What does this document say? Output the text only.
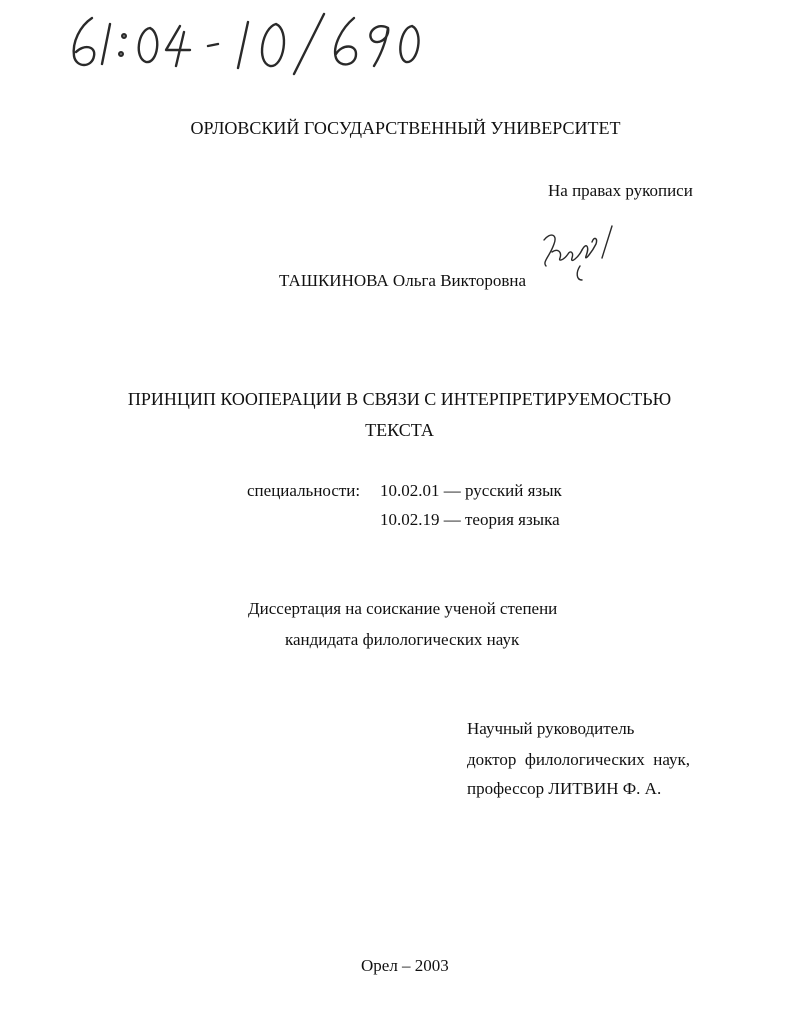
ОРЛОВСКИЙ ГОСУДАРСТВЕННЫЙ УНИВЕРСИТЕТ
На правах рукописи
ТАШКИНОВА Ольга Викторовна
ПРИНЦИП КООПЕРАЦИИ В СВЯЗИ С ИНТЕРПРЕТИРУЕМОСТЬЮ
ТЕКСТА
специальности: 10.02.01 — русский язык
10.02.19 — теория языка
Диссертация на соискание ученой степени
кандидата филологических наук
Научный руководитель
доктор  филологических  наук,
профессор ЛИТВИН Ф. А.
Орел – 2003
